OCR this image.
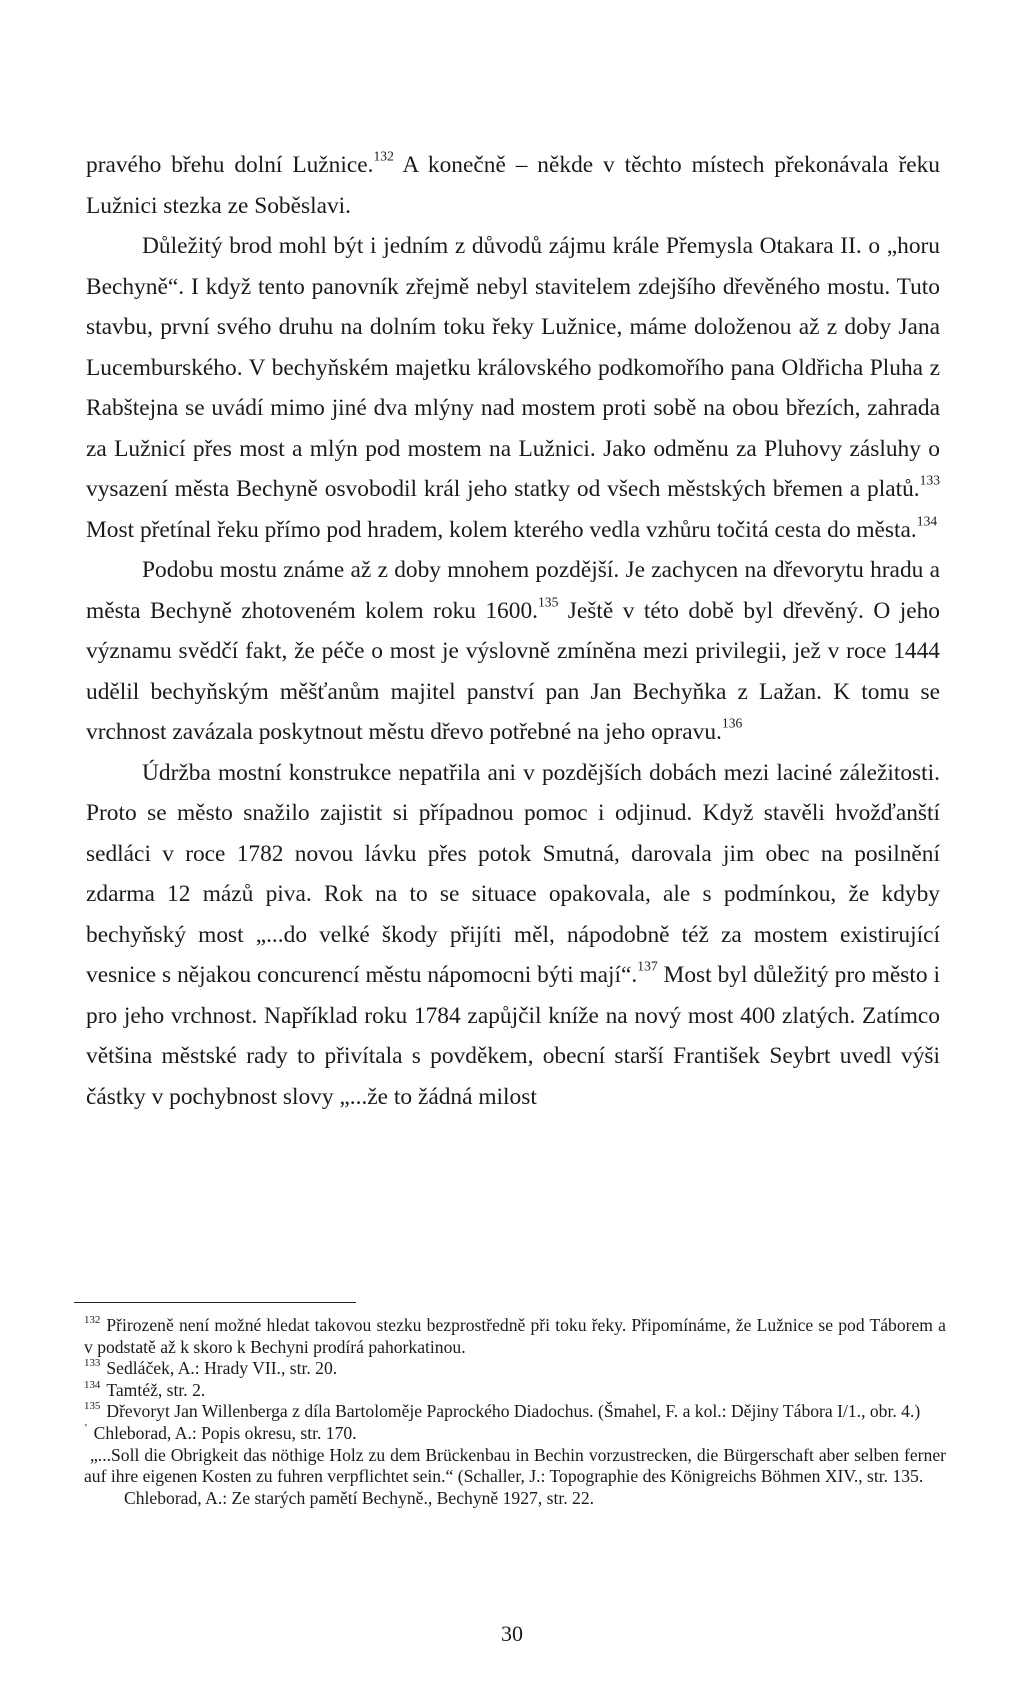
pravého břehu dolní Lužnice.$^{132}$ A konečně – někde v těchto místech překonávala řeku Lužnici stezka ze Soběslavi.

Důležitý brod mohl být i jedním z důvodů zájmu krále Přemysla Otakara II. o „horu Bechyně“. I když tento panovník zřejmě nebyl stavitelem zdejšího dřevěného mostu. Tuto stavbu, první svého druhu na dolním toku řeky Lužnice, máme doloženou až z doby Jana Lucemburského. V bechyňském majetku královského podkomořího pana Oldřicha Pluha z Rabštejna se uvádí mimo jiné dva mlýny nad mostem proti sobě na obou březích, zahrada za Lužnicí přes most a mlýn pod mostem na Lužnici. Jako odměnu za Pluhovy zásluhy o vysazení města Bechyně osvobodil král jeho statky od všech městských břemen a platů.$^{133}$ Most přetínal řeku přímo pod hradem, kolem kterého vedla vzhůru točitá cesta do města.$^{134}$

Podobu mostu známe až z doby mnohem pozdější. Je zachycen na dřevorytu hradu a města Bechyně zhotoveném kolem roku 1600.$^{135}$ Ještě v této době byl dřevěný. O jeho významu svědčí fakt, že péče o most je výslovně zmíněna mezi privilegii, jež v roce 1444 udělil bechyňským měšťanům majitel panství pan Jan Bechyňka z Lažan. K tomu se vrchnost zavázala poskytnout městu dřevo potřebné na jeho opravu.$^{136}$

Údržba mostní konstrukce nepatřila ani v pozdějších dobách mezi laciné záležitosti. Proto se město snažilo zajistit si případnou pomoc i odjinud. Když stavěli hvožďanští sedláci v roce 1782 novou lávku přes potok Smutná, darovala jim obec na posilnění zdarma 12 mázů piva. Rok na to se situace opakovala, ale s podmínkou, že kdyby bechyňský most „...do velké škody přijíti měl, nápodobně též za mostem existirující vesnice s nějakou concurencí městu nápomocni býti mají“.$^{137}$ Most byl důležitý pro město i pro jeho vrchnost. Například roku 1784 zapůjčil kníže na nový most 400 zlatých. Zatímco většina městské rady to přivítala s povděkem, obecní starší František Seybrt uvedl výši částky v pochybnost slovy „...že to žádná milost

$^{132}$ Přirozeně není možné hledat takovou stezku bezprostředně při toku řeky. Připomínáme, že Lužnice se pod Táborem a v podstatě až k skoro k Bechyni prodírá pahorkatinou.

$^{133}$ Sedláček, A.: Hrady VII., str. 20.

$^{134}$ Tamtéž, str. 2.

$^{135}$ Dřevoryt Jan Willenberga z díla Bartoloměje Paprockého Diadochus. (Šmahel, F. a kol.: Dějiny Tábora I/1., obr. 4.)

’ Chleborad, A.: Popis okresu, str. 170.

„...Soll die Obrigkeit das nöthige Holz zu dem Brückenbau in Bechin vorzustrecken, die Bürgerschaft aber selben ferner auf ihre eigenen Kosten zu fuhren verpflichtet sein.“ (Schaller, J.: Topographie des Königreichs Böhmen XIV., str. 135.

Chleborad, A.: Ze starých pamětí Bechyně., Bechyně 1927, str. 22.

30
